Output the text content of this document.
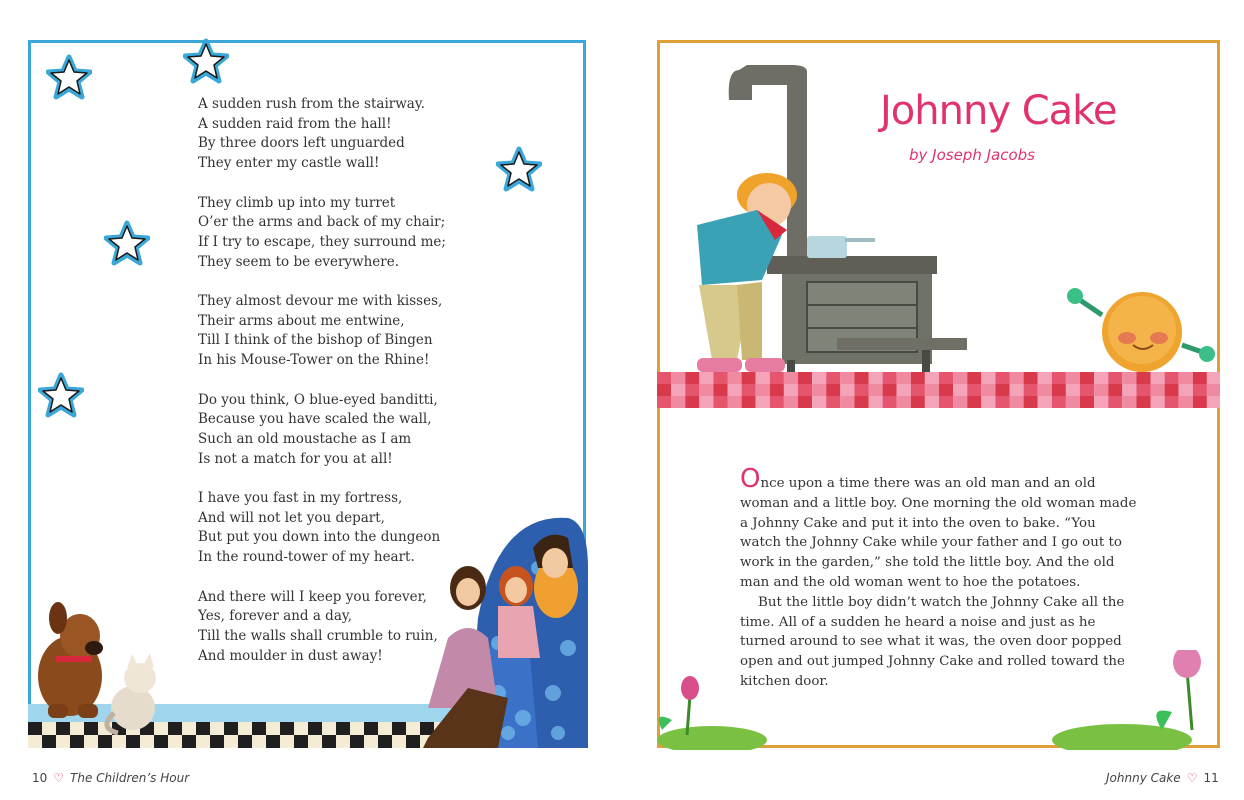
A sudden rush from the stairway.
A sudden raid from the hall!
By three doors left unguarded
They enter my castle wall!
They climb up into my turret
O’er the arms and back of my chair;
If I try to escape, they surround me;
They seem to be everywhere.
They almost devour me with kisses,
Their arms about me entwine,
Till I think of the bishop of Bingen
In his Mouse-Tower on the Rhine!
Do you think, O blue-eyed banditti,
Because you have scaled the wall,
Such an old moustache as I am
Is not a match for you at all!
I have you fast in my fortress,
And will not let you depart,
But put you down into the dungeon
In the round-tower of my heart.
And there will I keep you forever,
Yes, forever and a day,
Till the walls shall crumble to ruin,
And moulder in dust away!
10 ♡ The Children’s Hour
Johnny Cake
by Joseph Jacobs

Once upon a time there was an old man and an old woman and a little boy. One morning the old woman made a Johnny Cake and put it into the oven to bake. “You watch the Johnny Cake while your father and I go out to work in the garden,” she told the little boy. And the old man and the old woman went to hoe the potatoes.

But the little boy didn’t watch the Johnny Cake all the time. All of a sudden he heard a noise and just as he turned around to see what it was, the oven door popped open and out jumped Johnny Cake and rolled toward the kitchen door.

Johnny Cake ♡ 11
